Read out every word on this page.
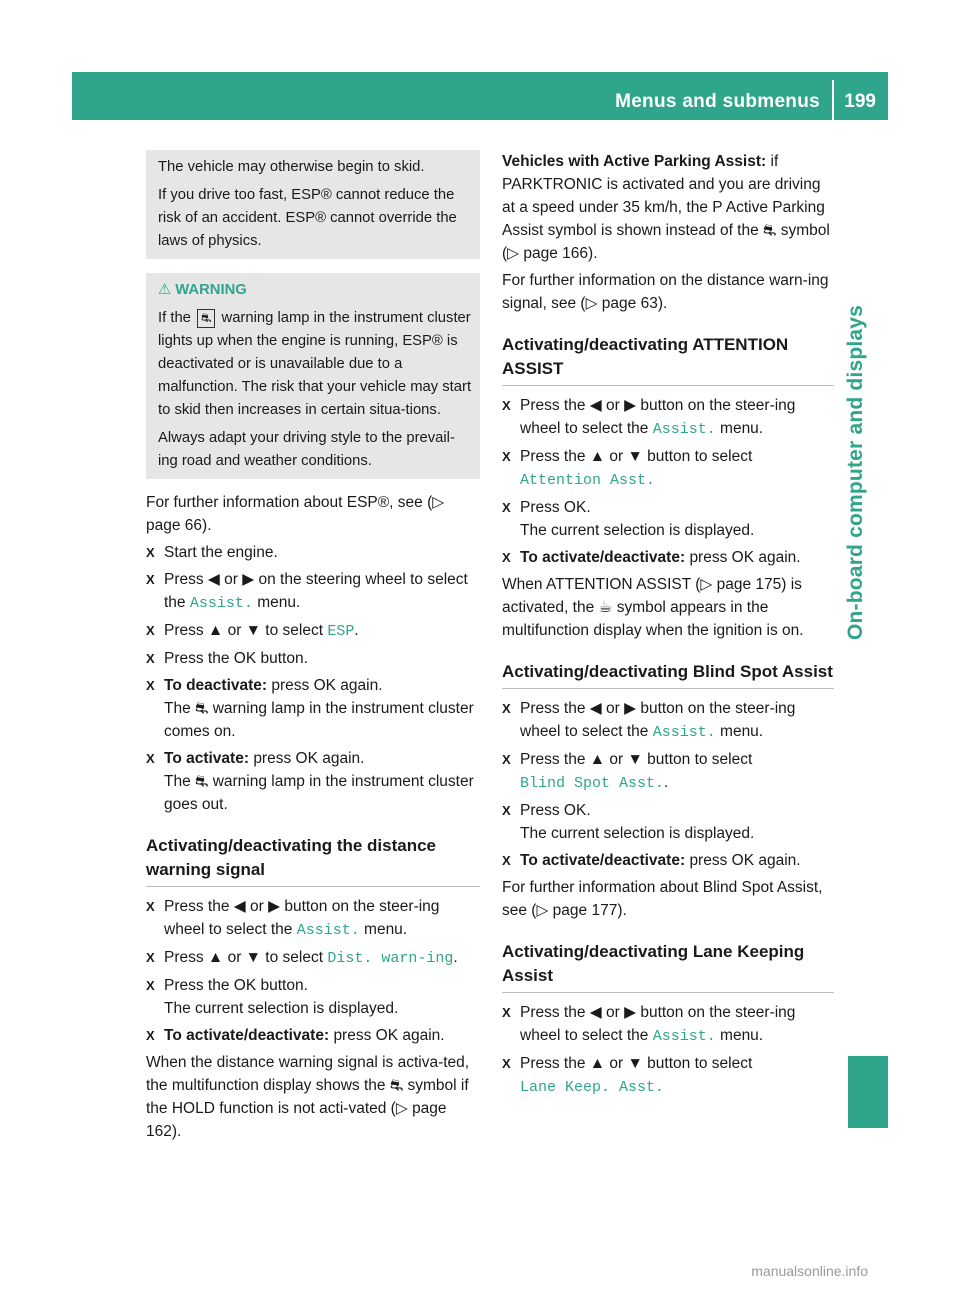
Menus and submenus 199
On-board computer and displays

The vehicle may otherwise begin to skid.

If you drive too fast, ESP® cannot reduce the risk of an accident. ESP® cannot override the laws of physics.

⚠ WARNING

If the ⛐ warning lamp in the instrument cluster lights up when the engine is running, ESP® is deactivated or is unavailable due to a malfunction. The risk that your vehicle may start to skid then increases in certain situa-tions.

Always adapt your driving style to the prevail-ing road and weather conditions.

For further information about ESP®, see (▷ page 66).

X Start the engine.
X Press ◀ or ▶ on the steering wheel to select the Assist. menu.
X Press ▲ or ▼ to select ESP.
X Press the OK button.
X To deactivate: press OK again.
The ⛐ warning lamp in the instrument cluster comes on.
X To activate: press OK again.
The ⛐ warning lamp in the instrument cluster goes out.
Activating/deactivating the distance warning signal
X Press the ◀ or ▶ button on the steer-ing wheel to select the Assist. menu.
X Press ▲ or ▼ to select Dist. warn-ing.
X Press the OK button.
The current selection is displayed.
X To activate/deactivate: press OK again.

When the distance warning signal is activa-ted, the multifunction display shows the ⛐ symbol if the HOLD function is not acti-vated (▷ page 162).

Vehicles with Active Parking Assist: if PARKTRONIC is activated and you are driving at a speed under 35 km/h, the P Active Parking Assist symbol is shown instead of the ⛐ symbol (▷ page 166).

For further information on the distance warn-ing signal, see (▷ page 63).

Activating/deactivating ATTENTION ASSIST
X Press the ◀ or ▶ button on the steer-ing wheel to select the Assist. menu.
X Press the ▲ or ▼ button to select
Attention Asst.
X Press OK.
The current selection is displayed.
X To activate/deactivate: press OK again.

When ATTENTION ASSIST (▷ page 175) is activated, the ☕ symbol appears in the multifunction display when the ignition is on.

Activating/deactivating Blind Spot Assist
X Press the ◀ or ▶ button on the steer-ing wheel to select the Assist. menu.
X Press the ▲ or ▼ button to select
Blind Spot Asst..
X Press OK.
The current selection is displayed.
X To activate/deactivate: press OK again.

For further information about Blind Spot Assist, see (▷ page 177).

Activating/deactivating Lane Keeping Assist
X Press the ◀ or ▶ button on the steer-ing wheel to select the Assist. menu.
X Press the ▲ or ▼ button to select
Lane Keep. Asst.
manualsonline.info
